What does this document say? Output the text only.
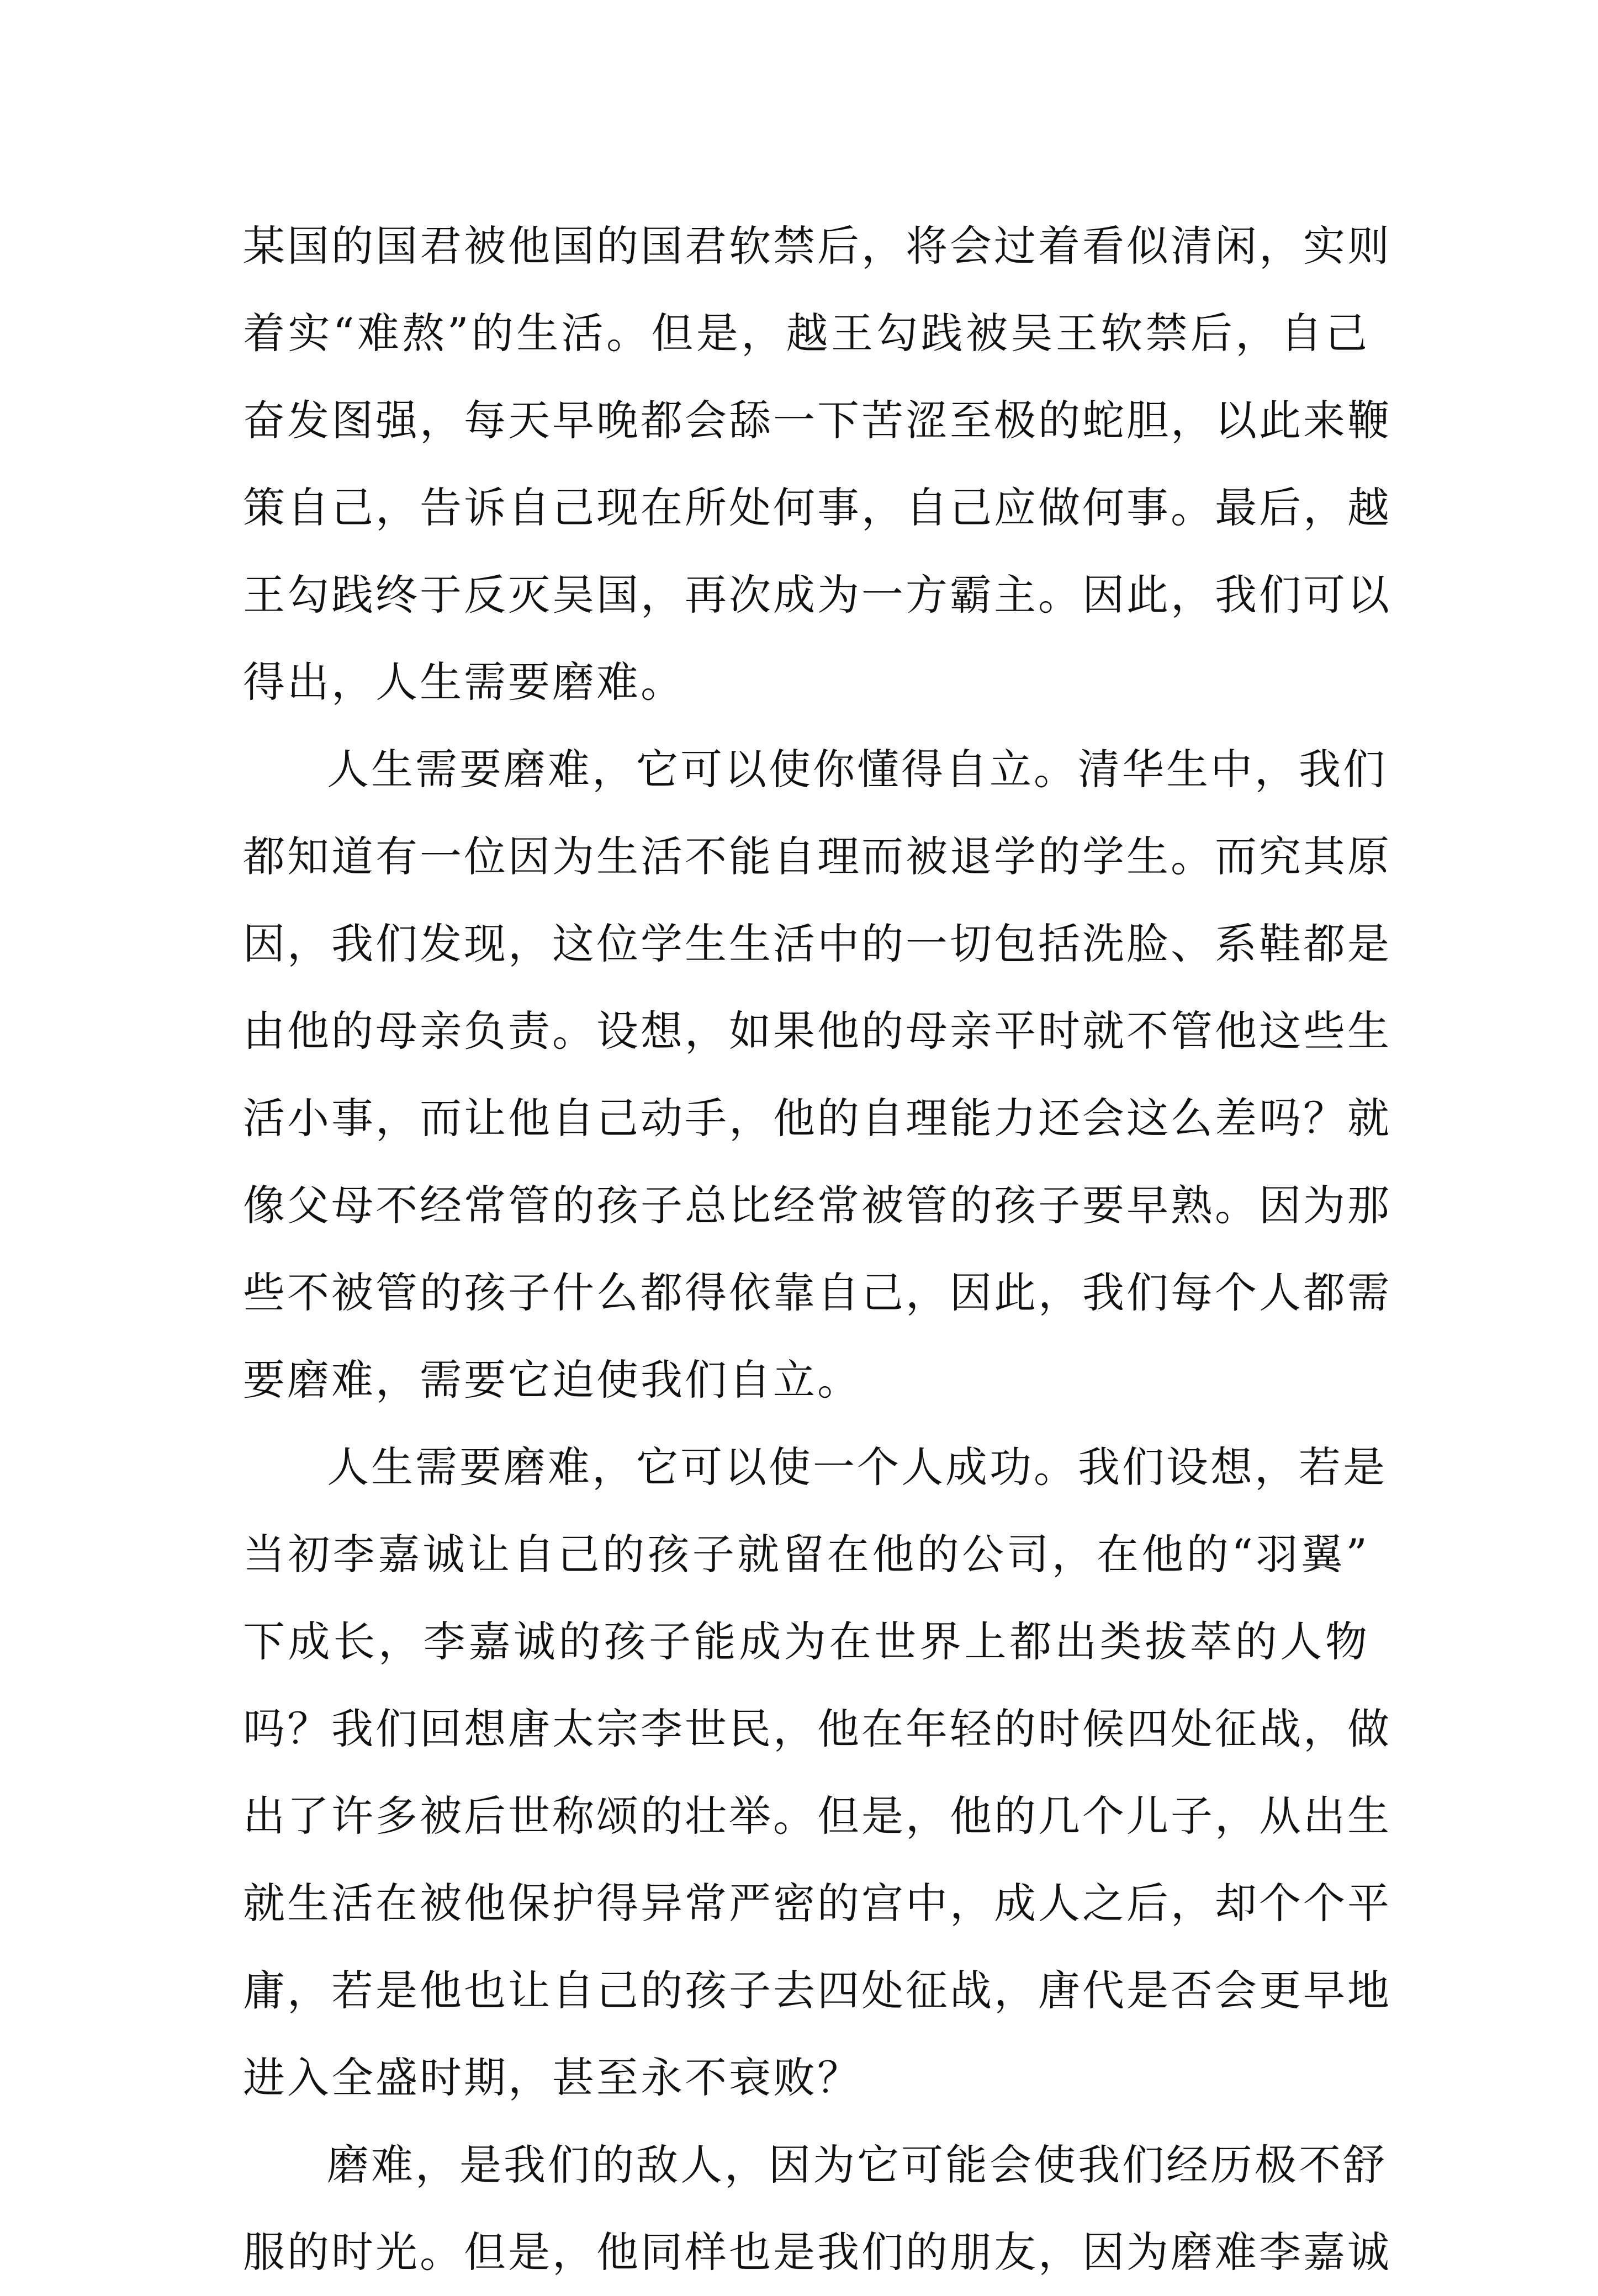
某国的国君被他国的国君软禁后，将会过着看似清闲，实则
着实“难熬”的生活。但是，越王勾践被吴王软禁后，自己
奋发图强，每天早晚都会舔一下苦涩至极的蛇胆，以此来鞭
策自己，告诉自己现在所处何事，自己应做何事。最后，越
王勾践终于反灭吴国，再次成为一方霸主。因此，我们可以
得出，人生需要磨难。
人生需要磨难，它可以使你懂得自立。清华生中，我们
都知道有一位因为生活不能自理而被退学的学生。而究其原
因，我们发现，这位学生生活中的一切包括洗脸、系鞋都是
由他的母亲负责。设想，如果他的母亲平时就不管他这些生
活小事，而让他自己动手，他的自理能力还会这么差吗？就
像父母不经常管的孩子总比经常被管的孩子要早熟。因为那
些不被管的孩子什么都得依靠自己，因此，我们每个人都需
要磨难，需要它迫使我们自立。
人生需要磨难，它可以使一个人成功。我们设想，若是
当初李嘉诚让自己的孩子就留在他的公司，在他的“羽翼”
下成长，李嘉诚的孩子能成为在世界上都出类拔萃的人物
吗？我们回想唐太宗李世民，他在年轻的时候四处征战，做
出了许多被后世称颂的壮举。但是，他的几个儿子，从出生
就生活在被他保护得异常严密的宫中，成人之后，却个个平
庸，若是他也让自己的孩子去四处征战，唐代是否会更早地
进入全盛时期，甚至永不衰败？
磨难，是我们的敌人，因为它可能会使我们经历极不舒
服的时光。但是，他同样也是我们的朋友，因为磨难李嘉诚
